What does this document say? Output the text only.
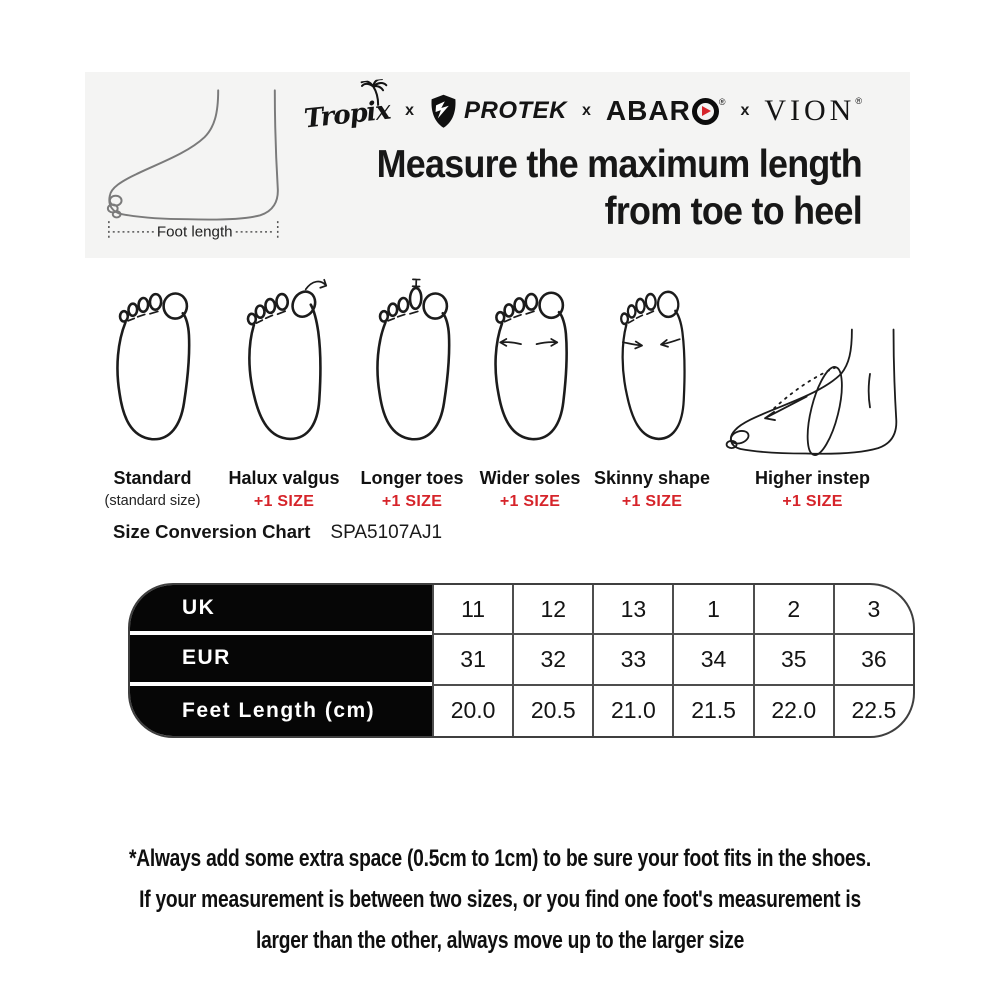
Foot length
Tropix x PROTEK x ABAR	® x VION ®
Measure the maximum length
from toe to heel
Standard
(standard size)
Halux valgus
+1 SIZE
Longer toes
+1 SIZE
Wider soles
+1 SIZE
Skinny shape
+1 SIZE
Higher instep
+1 SIZE
Size Conversion Chart SPA5107AJ1
UK	11	12	13	1	2	3
EUR	31	32	33	34	35	36
Feet Length (cm)	20.0	20.5	21.0	21.5	22.0	22.5
*Always add some extra space (0.5cm to 1cm) to be sure your foot fits in the shoes.
If your measurement is between two sizes, or you find one foot's measurement is
larger than the other, always move up to the larger size
